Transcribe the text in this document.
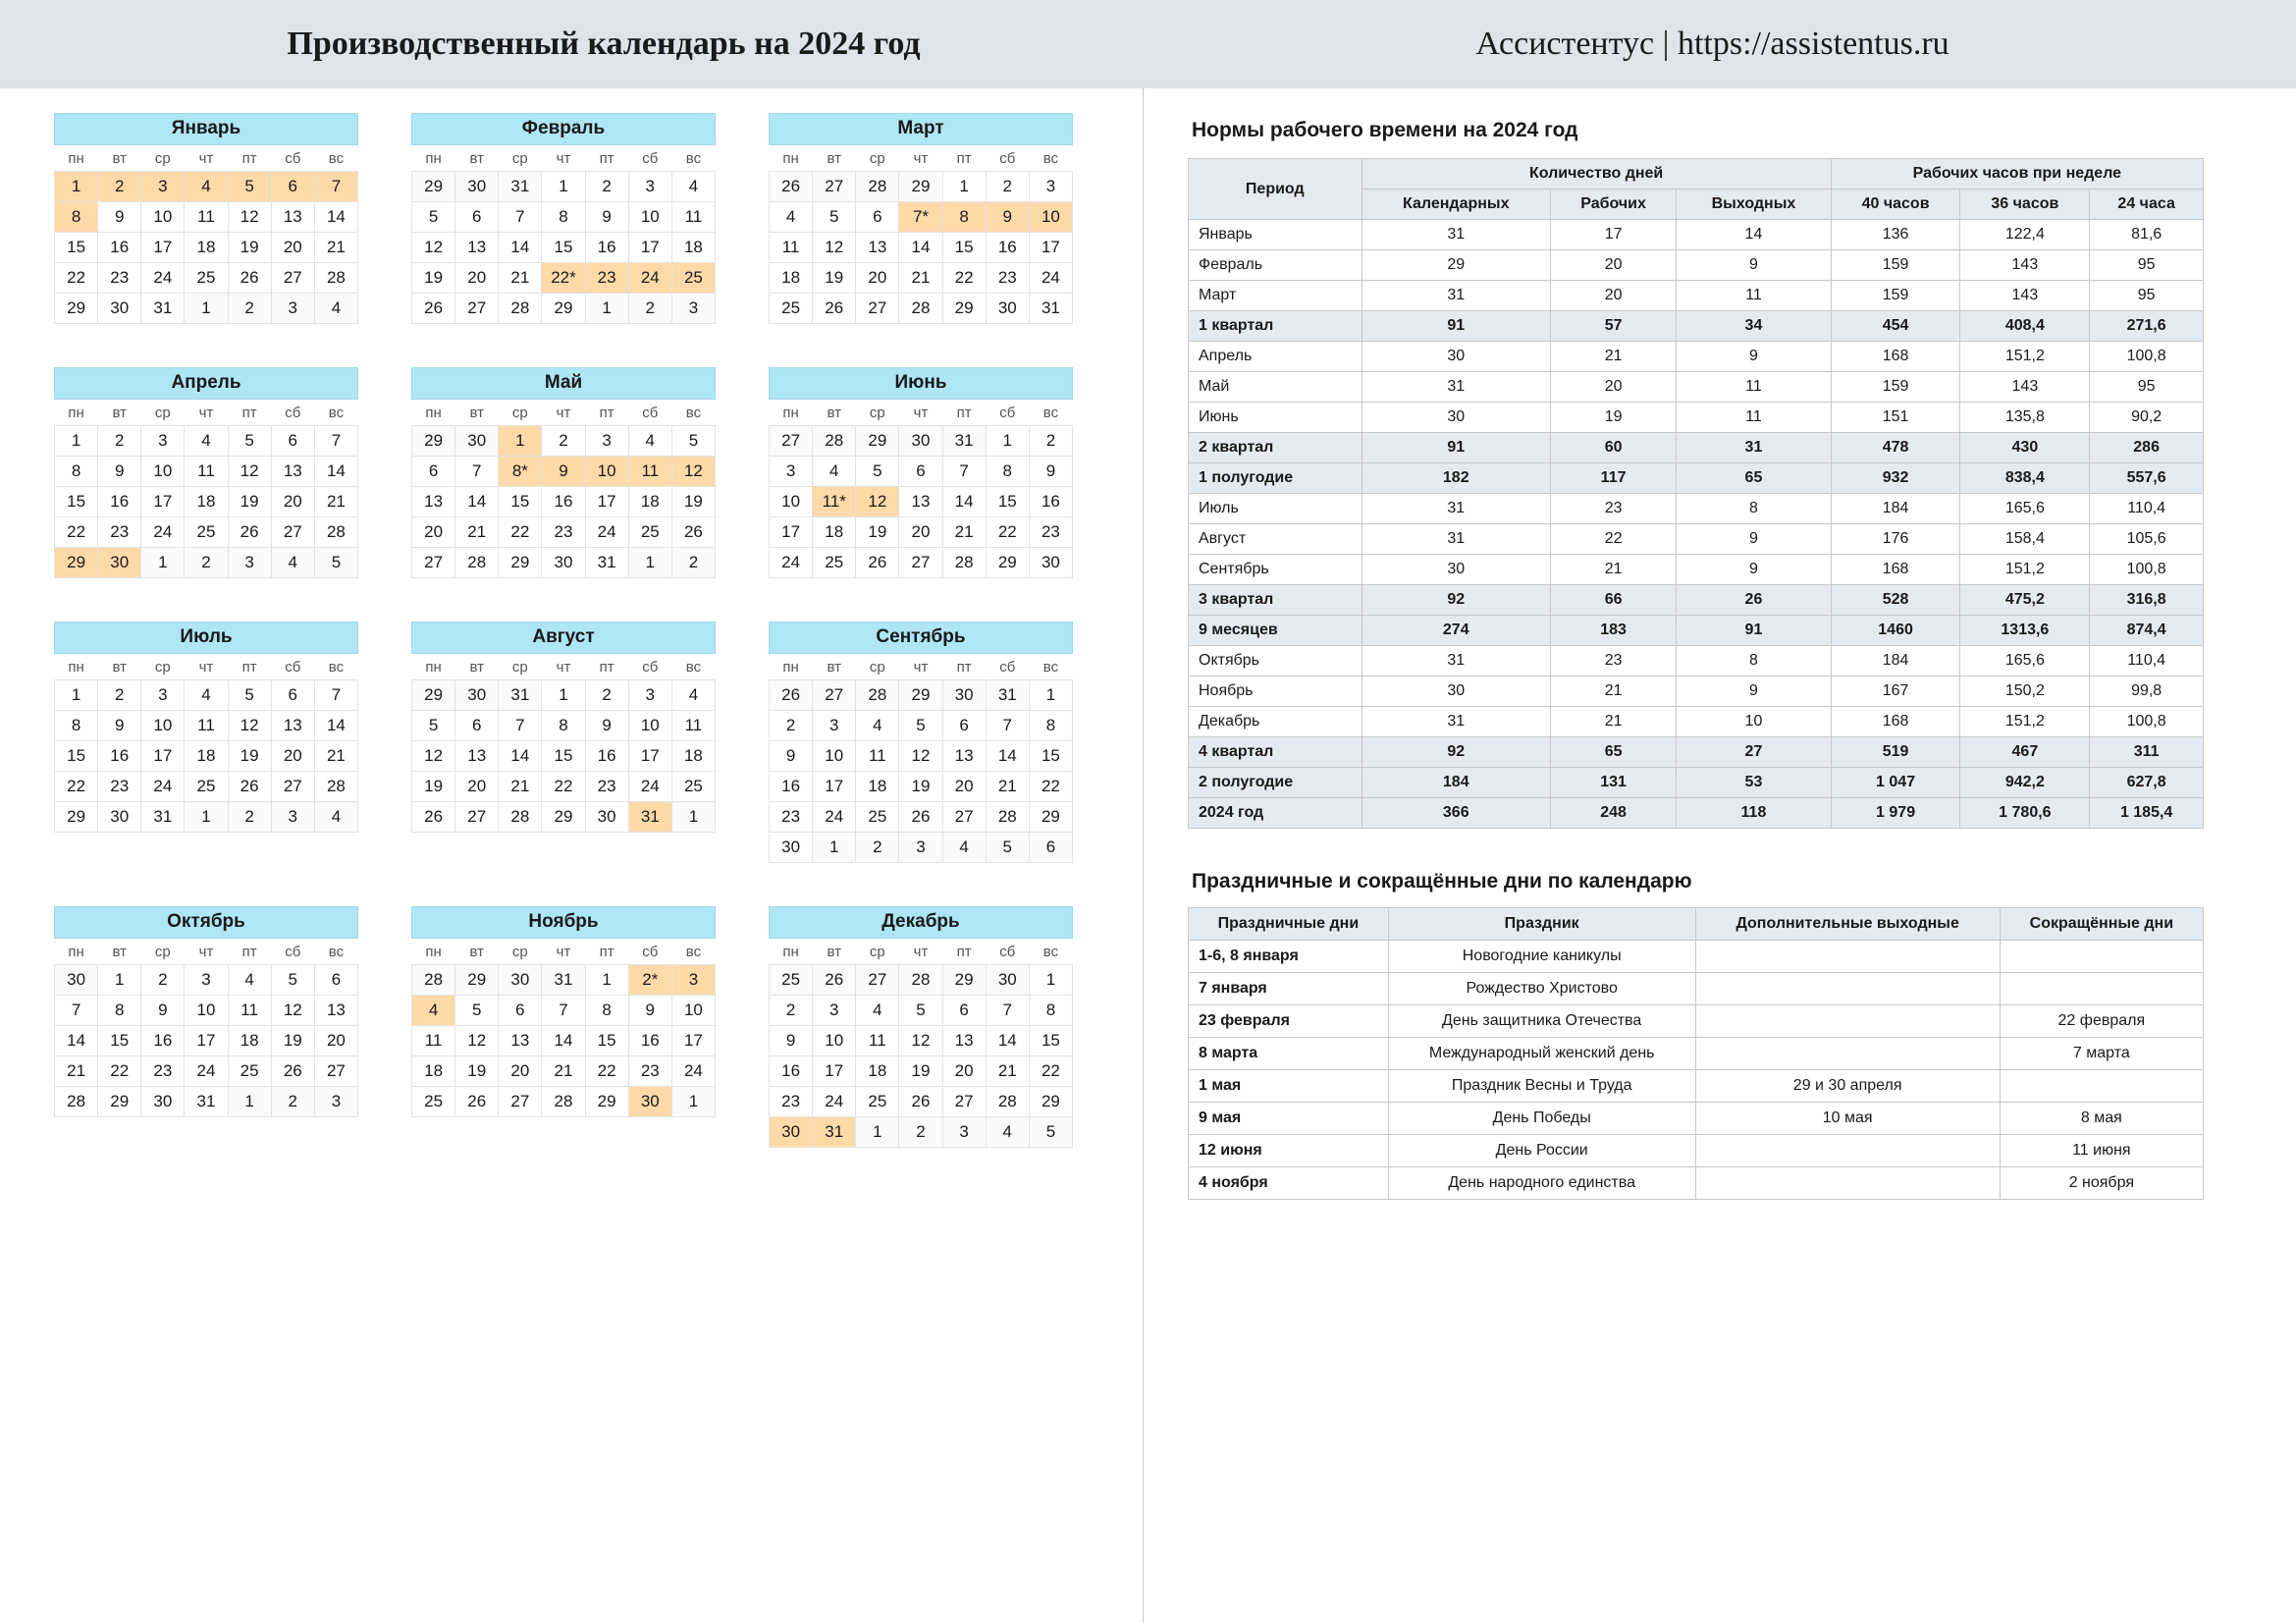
Производственный календарь на 2024 год	Ассистентус | https://assistentus.ru
Январь
пн	вт	ср	чт	пт	сб	вс
1	2	3	4	5	6	7
8	9	10	11	12	13	14
15	16	17	18	19	20	21
22	23	24	25	26	27	28
29	30	31	1	2	3	4
Февраль
пн	вт	ср	чт	пт	сб	вс
29	30	31	1	2	3	4
5	6	7	8	9	10	11
12	13	14	15	16	17	18
19	20	21	22*	23	24	25
26	27	28	29	1	2	3
Март
пн	вт	ср	чт	пт	сб	вс
26	27	28	29	1	2	3
4	5	6	7*	8	9	10
11	12	13	14	15	16	17
18	19	20	21	22	23	24
25	26	27	28	29	30	31
Апрель
пн	вт	ср	чт	пт	сб	вс
1	2	3	4	5	6	7
8	9	10	11	12	13	14
15	16	17	18	19	20	21
22	23	24	25	26	27	28
29	30	1	2	3	4	5
Май
пн	вт	ср	чт	пт	сб	вс
29	30	1	2	3	4	5
6	7	8*	9	10	11	12
13	14	15	16	17	18	19
20	21	22	23	24	25	26
27	28	29	30	31	1	2
Июнь
пн	вт	ср	чт	пт	сб	вс
27	28	29	30	31	1	2
3	4	5	6	7	8	9
10	11*	12	13	14	15	16
17	18	19	20	21	22	23
24	25	26	27	28	29	30
Июль
пн	вт	ср	чт	пт	сб	вс
1	2	3	4	5	6	7
8	9	10	11	12	13	14
15	16	17	18	19	20	21
22	23	24	25	26	27	28
29	30	31	1	2	3	4
Август
пн	вт	ср	чт	пт	сб	вс
29	30	31	1	2	3	4
5	6	7	8	9	10	11
12	13	14	15	16	17	18
19	20	21	22	23	24	25
26	27	28	29	30	31	1
Сентябрь
пн	вт	ср	чт	пт	сб	вс
26	27	28	29	30	31	1
2	3	4	5	6	7	8
9	10	11	12	13	14	15
16	17	18	19	20	21	22
23	24	25	26	27	28	29
30	1	2	3	4	5	6
Октябрь
пн	вт	ср	чт	пт	сб	вс
30	1	2	3	4	5	6
7	8	9	10	11	12	13
14	15	16	17	18	19	20
21	22	23	24	25	26	27
28	29	30	31	1	2	3
Ноябрь
пн	вт	ср	чт	пт	сб	вс
28	29	30	31	1	2*	3
4	5	6	7	8	9	10
11	12	13	14	15	16	17
18	19	20	21	22	23	24
25	26	27	28	29	30	1
Декабрь
пн	вт	ср	чт	пт	сб	вс
25	26	27	28	29	30	1
2	3	4	5	6	7	8
9	10	11	12	13	14	15
16	17	18	19	20	21	22
23	24	25	26	27	28	29
30	31	1	2	3	4	5
Нормы рабочего времени на 2024 год
Период	Количество дней			Рабочих часов при неделе		
	Календарных	Рабочих	Выходных	40 часов	36 часов	24 часа
Январь	31	17	14	136	122,4	81,6
Февраль	29	20	9	159	143	95
Март	31	20	11	159	143	95
1 квартал	91	57	34	454	408,4	271,6
Апрель	30	21	9	168	151,2	100,8
Май	31	20	11	159	143	95
Июнь	30	19	11	151	135,8	90,2
2 квартал	91	60	31	478	430	286
1 полугодие	182	117	65	932	838,4	557,6
Июль	31	23	8	184	165,6	110,4
Август	31	22	9	176	158,4	105,6
Сентябрь	30	21	9	168	151,2	100,8
3 квартал	92	66	26	528	475,2	316,8
9 месяцев	274	183	91	1460	1313,6	874,4
Октябрь	31	23	8	184	165,6	110,4
Ноябрь	30	21	9	167	150,2	99,8
Декабрь	31	21	10	168	151,2	100,8
4 квартал	92	65	27	519	467	311
2 полугодие	184	131	53	1 047	942,2	627,8
2024 год	366	248	118	1 979	1 780,6	1 185,4
Праздничные и сокращённые дни по календарю
Праздничные дни	Праздник	Дополнительные выходные	Сокращённые дни
1-6, 8 января	Новогодние каникулы		
7 января	Рождество Христово		
23 февраля	День защитника Отечества		22 февраля
8 марта	Международный женский день		7 марта
1 мая	Праздник Весны и Труда	29 и 30 апреля	
9 мая	День Победы	10 мая	8 мая
12 июня	День России		11 июня
4 ноября	День народного единства		2 ноября
